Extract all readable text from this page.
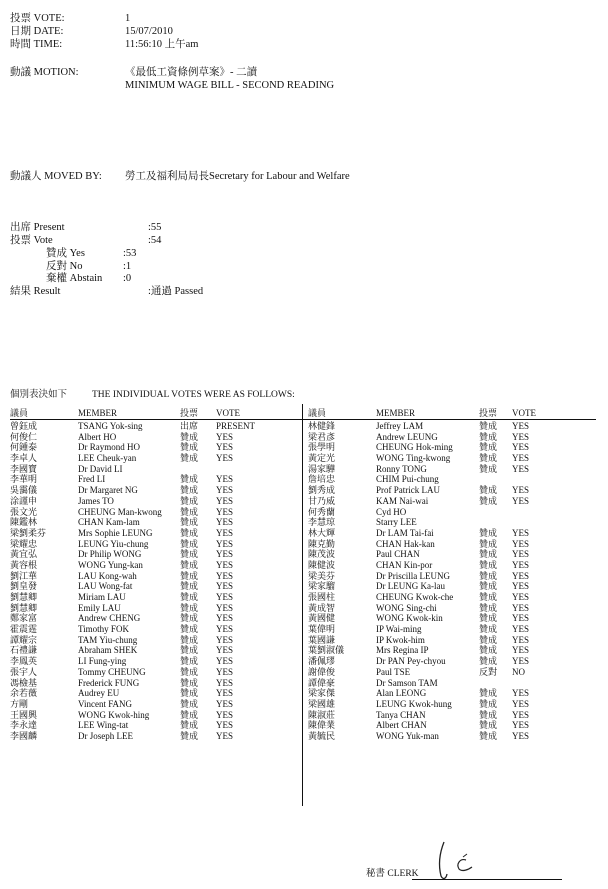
投票 VOTE:	1
日期 DATE:	15/07/2010
時間 TIME:	11:56:10 上午am
動議 MOTION:	《最低工資條例草案》- 二讀
MINIMUM WAGE BILL - SECOND READING
動議人 MOVED BY: 勞工及福利局局長Secretary for Labour and Welfare
出席 Present	:55
投票 Vote	:54
贊成 Yes	:53
反對 No	:1
棄權 Abstain :0
結果 Result	:通過 Passed
個別表決如下	THE INDIVIDUAL VOTES WERE AS FOLLOWS:
議員	MEMBER	投票 VOTE	議員	MEMBER	投票 VOTE
曾鈺成	TSANG Yok-sing	出席 PRESENT
何俊仁	Albert HO	贊成 YES
何鍾泰	Dr Raymond HO	贊成 YES
李卓人	LEE Cheuk-yan	贊成 YES
李國寶	Dr David LI
李華明	Fred LI	贊成 YES
吳靄儀	Dr Margaret NG	贊成 YES
涂謹申	James TO	贊成 YES
張文光	CHEUNG Man-kwong 贊成 YES
陳鑑林	CHAN Kam-lam	贊成 YES
梁劉柔芬	Mrs Sophie LEUNG	贊成 YES
梁耀忠	LEUNG Yiu-chung	贊成 YES
黃宜弘	Dr Philip WONG	贊成 YES
黃容根	WONG Yung-kan	贊成 YES
劉江華	LAU Kong-wah	贊成 YES
劉皇發	LAU Wong-fat	贊成 YES
劉慧卿	Miriam LAU	贊成 YES
劉慧卿	Emily LAU	贊成 YES
鄭家富	Andrew CHENG	贊成 YES
霍震霆	Timothy FOK	贊成 YES
譚耀宗	TAM Yiu-chung	贊成 YES
石禮謙	Abraham SHEK	贊成 YES
李鳳英	LI Fung-ying	贊成 YES
張宇人	Tommy CHEUNG	贊成 YES
馮檢基	Frederick FUNG	贊成 YES
余若薇	Audrey EU	贊成 YES
方剛	Vincent FANG	贊成 YES
王國興	WONG Kwok-hing	贊成 YES
李永達	LEE Wing-tat	贊成 YES
李國麟	Dr Joseph LEE	贊成 YES
林健鋒	Jeffrey LAM	贊成 YES
梁君彥	Andrew LEUNG	贊成 YES
張學明	CHEUNG Hok-ming	贊成 YES
黃定光	WONG Ting-kwong	贊成 YES
湯家驊	Ronny TONG	贊成 YES
詹培忠	CHIM Pui-chung
劉秀成	Prof Patrick LAU	贊成 YES
甘乃威	KAM Nai-wai	贊成 YES
何秀蘭	Cyd HO
李慧琼	Starry LEE
林大輝	Dr LAM Tai-fai	贊成 YES
陳克勤	CHAN Hak-kan	贊成 YES
陳茂波	Paul CHAN	贊成 YES
陳健波	CHAN Kin-por	贊成 YES
梁美芬	Dr Priscilla LEUNG	贊成 YES
梁家騮	Dr LEUNG Ka-lau	贊成 YES
張國柱	CHEUNG Kwok-che	贊成 YES
黃成智	WONG Sing-chi	贊成 YES
黃國健	WONG Kwok-kin	贊成 YES
葉偉明	IP Wai-ming	贊成 YES
葉國謙	IP Kwok-him	贊成 YES
葉劉淑儀	Mrs Regina IP	贊成 YES
潘佩璆	Dr PAN Pey-chyou	贊成 YES
謝偉俊	Paul TSE	反對 NO
譚偉豪	Dr Samson TAM
梁家傑	Alan LEONG	贊成 YES
梁國雄	LEUNG Kwok-hung	贊成 YES
陳淑莊	Tanya CHAN	贊成 YES
陳偉業	Albert CHAN	贊成 YES
黃毓民	WONG Yuk-man	贊成 YES
秘書 CLERK
